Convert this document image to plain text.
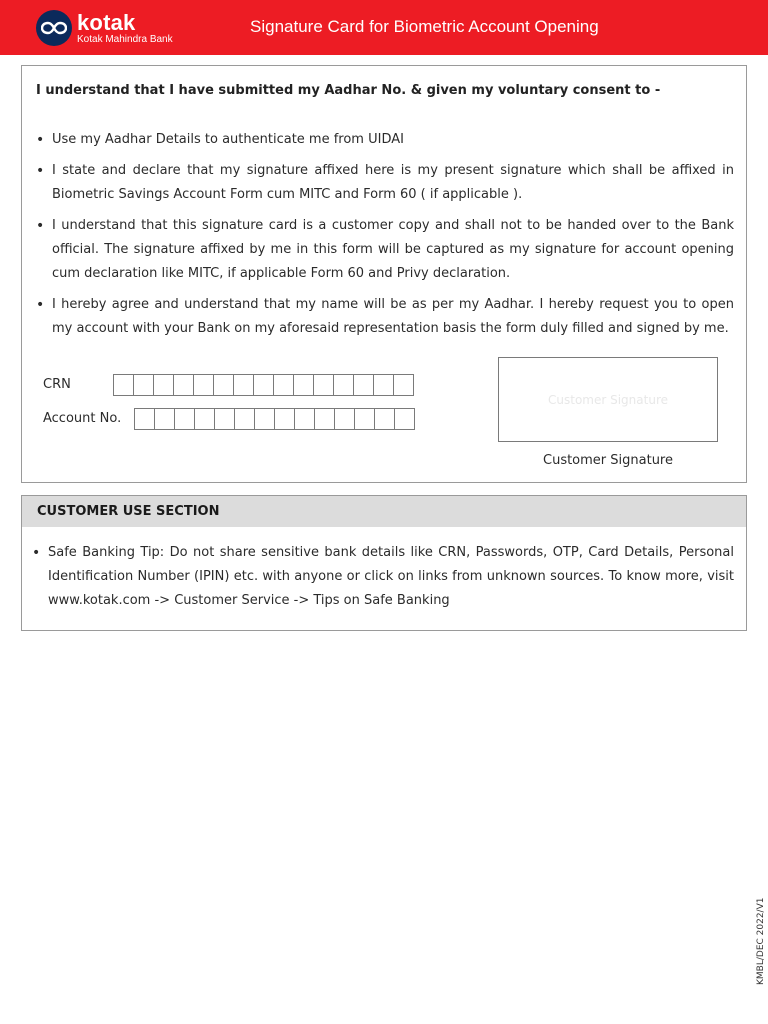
kotak
Kotak Mahindra Bank
Signature Card for Biometric Account Opening
I understand that I have submitted my Aadhar No. & given my voluntary consent to -
• Use my Aadhar Details to authenticate me from UIDAI
• I state and declare that my signature affixed here is my present signature which shall be affixed in Biometric Savings Account Form cum MITC and Form 60 ( if applicable ).
• I understand that this signature card is a customer copy and shall not to be handed over to the Bank official. The signature affixed by me in this form will be captured as my signature for account opening cum declaration like MITC, if applicable Form 60 and Privy declaration.
• I hereby agree and understand that my name will be as per my Aadhar. I hereby request you to open my account with your Bank on my aforesaid representation basis the form duly filled and signed by me.
CRN
Account No.
Customer Signature
Customer Signature
CUSTOMER USE SECTION
• Safe Banking Tip: Do not share sensitive bank details like CRN, Passwords, OTP, Card Details, Personal Identification Number (IPIN) etc. with anyone or click on links from unknown sources. To know more, visit www.kotak.com -> Customer Service -> Tips on Safe Banking
KMBL/DEC 2022/V1
